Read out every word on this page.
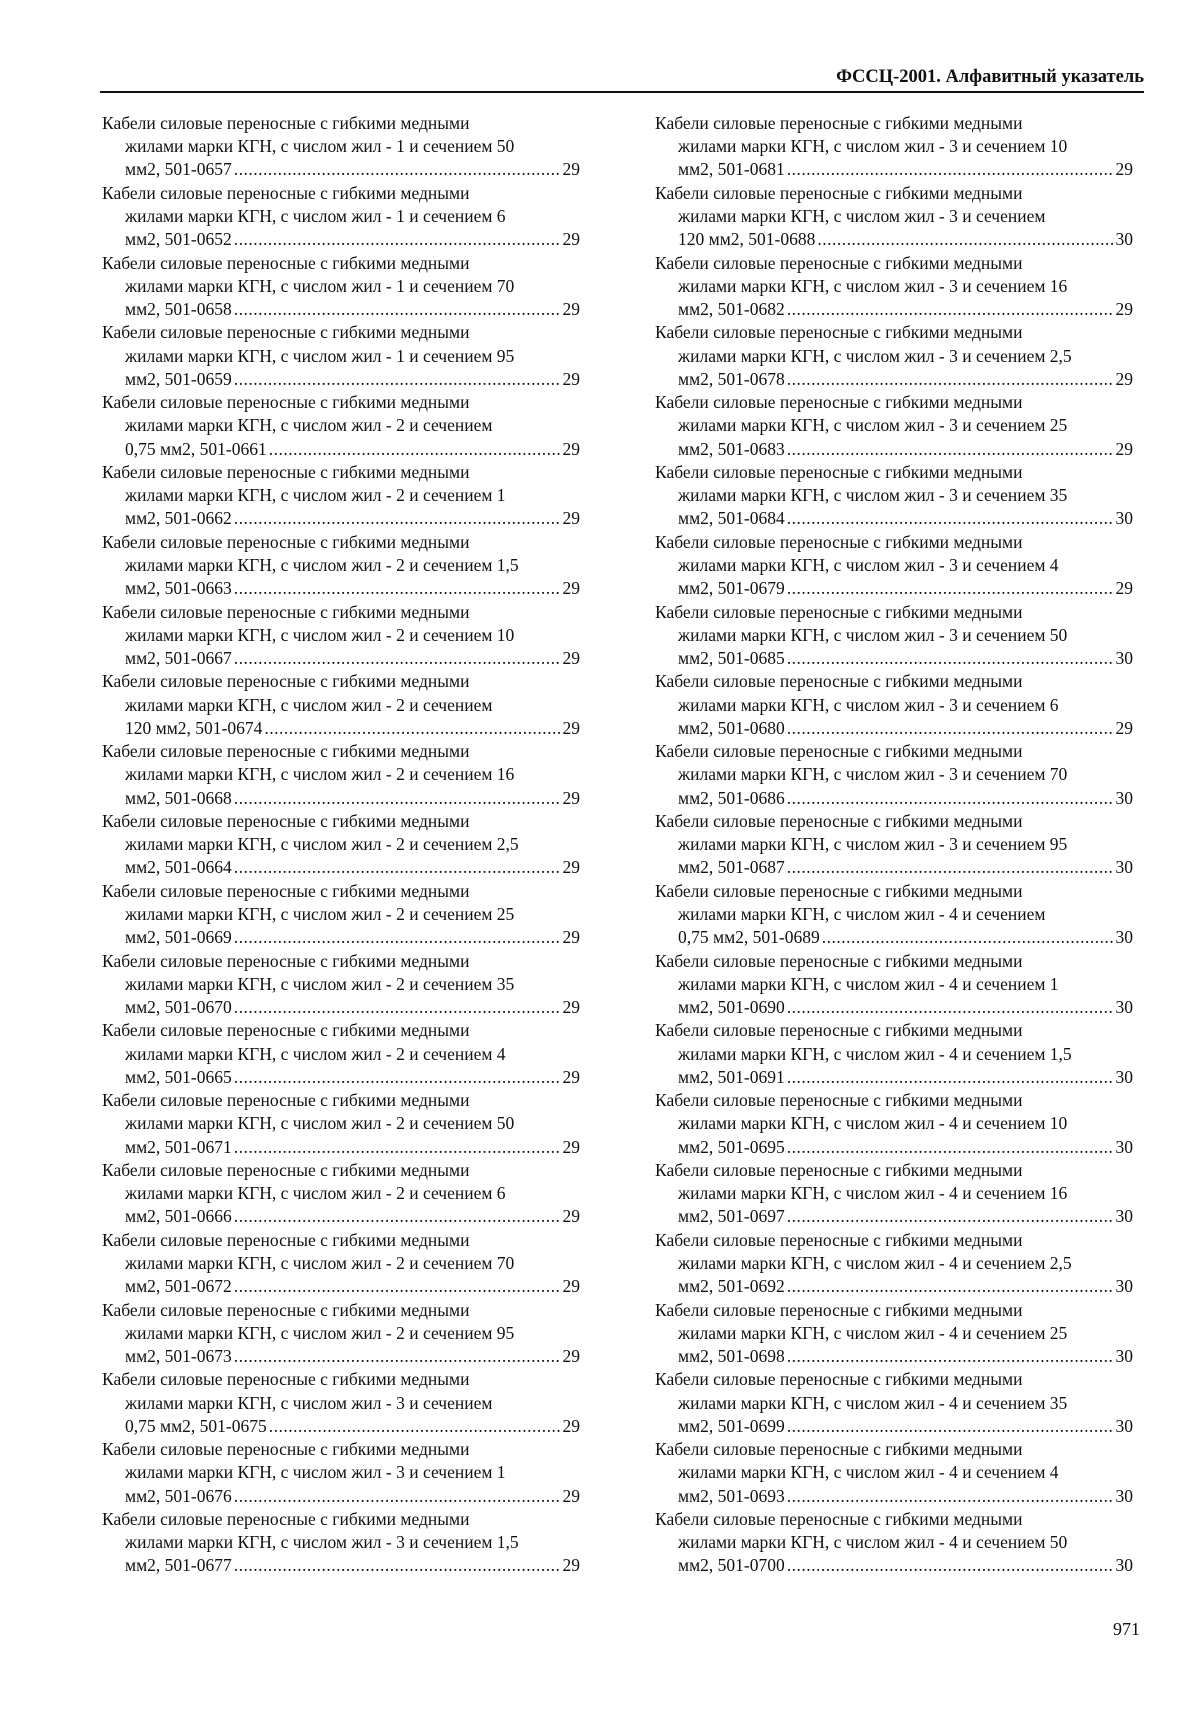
ФССЦ-2001. Алфавитный указатель
Кабели силовые переносные с гибкими медными
жилами марки КГН, с числом жил - 1 и сечением 50
мм2, 501-0657 .....	29
Кабели силовые переносные с гибкими медными
жилами марки КГН, с числом жил - 1 и сечением 6
мм2, 501-0652 .....	29
Кабели силовые переносные с гибкими медными
жилами марки КГН, с числом жил - 1 и сечением 70
мм2, 501-0658 .....	29
Кабели силовые переносные с гибкими медными
жилами марки КГН, с числом жил - 1 и сечением 95
мм2, 501-0659 .....	29
Кабели силовые переносные с гибкими медными
жилами марки КГН, с числом жил - 2 и сечением
0,75 мм2, 501-0661 .....	29
Кабели силовые переносные с гибкими медными
жилами марки КГН, с числом жил - 2 и сечением 1
мм2, 501-0662 .....	29
Кабели силовые переносные с гибкими медными
жилами марки КГН, с числом жил - 2 и сечением 1,5
мм2, 501-0663 .....	29
Кабели силовые переносные с гибкими медными
жилами марки КГН, с числом жил - 2 и сечением 10
мм2, 501-0667 .....	29
Кабели силовые переносные с гибкими медными
жилами марки КГН, с числом жил - 2 и сечением
120 мм2, 501-0674 .....	29
Кабели силовые переносные с гибкими медными
жилами марки КГН, с числом жил - 2 и сечением 16
мм2, 501-0668 .....	29
Кабели силовые переносные с гибкими медными
жилами марки КГН, с числом жил - 2 и сечением 2,5
мм2, 501-0664 .....	29
Кабели силовые переносные с гибкими медными
жилами марки КГН, с числом жил - 2 и сечением 25
мм2, 501-0669 .....	29
Кабели силовые переносные с гибкими медными
жилами марки КГН, с числом жил - 2 и сечением 35
мм2, 501-0670 .....	29
Кабели силовые переносные с гибкими медными
жилами марки КГН, с числом жил - 2 и сечением 4
мм2, 501-0665 .....	29
Кабели силовые переносные с гибкими медными
жилами марки КГН, с числом жил - 2 и сечением 50
мм2, 501-0671 .....	29
Кабели силовые переносные с гибкими медными
жилами марки КГН, с числом жил - 2 и сечением 6
мм2, 501-0666 .....	29
Кабели силовые переносные с гибкими медными
жилами марки КГН, с числом жил - 2 и сечением 70
мм2, 501-0672 .....	29
Кабели силовые переносные с гибкими медными
жилами марки КГН, с числом жил - 2 и сечением 95
мм2, 501-0673 .....	29
Кабели силовые переносные с гибкими медными
жилами марки КГН, с числом жил - 3 и сечением
0,75 мм2, 501-0675 .....	29
Кабели силовые переносные с гибкими медными
жилами марки КГН, с числом жил - 3 и сечением 1
мм2, 501-0676 .....	29
Кабели силовые переносные с гибкими медными
жилами марки КГН, с числом жил - 3 и сечением 1,5
мм2, 501-0677 .....	29
Кабели силовые переносные с гибкими медными
жилами марки КГН, с числом жил - 3 и сечением 10
мм2, 501-0681 .....	29
Кабели силовые переносные с гибкими медными
жилами марки КГН, с числом жил - 3 и сечением
120 мм2, 501-0688 .....	30
Кабели силовые переносные с гибкими медными
жилами марки КГН, с числом жил - 3 и сечением 16
мм2, 501-0682 .....	29
Кабели силовые переносные с гибкими медными
жилами марки КГН, с числом жил - 3 и сечением 2,5
мм2, 501-0678 .....	29
Кабели силовые переносные с гибкими медными
жилами марки КГН, с числом жил - 3 и сечением 25
мм2, 501-0683 .....	29
Кабели силовые переносные с гибкими медными
жилами марки КГН, с числом жил - 3 и сечением 35
мм2, 501-0684 .....	30
Кабели силовые переносные с гибкими медными
жилами марки КГН, с числом жил - 3 и сечением 4
мм2, 501-0679 .....	29
Кабели силовые переносные с гибкими медными
жилами марки КГН, с числом жил - 3 и сечением 50
мм2, 501-0685 .....	30
Кабели силовые переносные с гибкими медными
жилами марки КГН, с числом жил - 3 и сечением 6
мм2, 501-0680 .....	29
Кабели силовые переносные с гибкими медными
жилами марки КГН, с числом жил - 3 и сечением 70
мм2, 501-0686 .....	30
Кабели силовые переносные с гибкими медными
жилами марки КГН, с числом жил - 3 и сечением 95
мм2, 501-0687 .....	30
Кабели силовые переносные с гибкими медными
жилами марки КГН, с числом жил - 4 и сечением
0,75 мм2, 501-0689 .....	30
Кабели силовые переносные с гибкими медными
жилами марки КГН, с числом жил - 4 и сечением 1
мм2, 501-0690 .....	30
Кабели силовые переносные с гибкими медными
жилами марки КГН, с числом жил - 4 и сечением 1,5
мм2, 501-0691 .....	30
Кабели силовые переносные с гибкими медными
жилами марки КГН, с числом жил - 4 и сечением 10
мм2, 501-0695 .....	30
Кабели силовые переносные с гибкими медными
жилами марки КГН, с числом жил - 4 и сечением 16
мм2, 501-0697 .....	30
Кабели силовые переносные с гибкими медными
жилами марки КГН, с числом жил - 4 и сечением 2,5
мм2, 501-0692 .....	30
Кабели силовые переносные с гибкими медными
жилами марки КГН, с числом жил - 4 и сечением 25
мм2, 501-0698 .....	30
Кабели силовые переносные с гибкими медными
жилами марки КГН, с числом жил - 4 и сечением 35
мм2, 501-0699 .....	30
Кабели силовые переносные с гибкими медными
жилами марки КГН, с числом жил - 4 и сечением 4
мм2, 501-0693 .....	30
Кабели силовые переносные с гибкими медными
жилами марки КГН, с числом жил - 4 и сечением 50
мм2, 501-0700 .....	30
971
